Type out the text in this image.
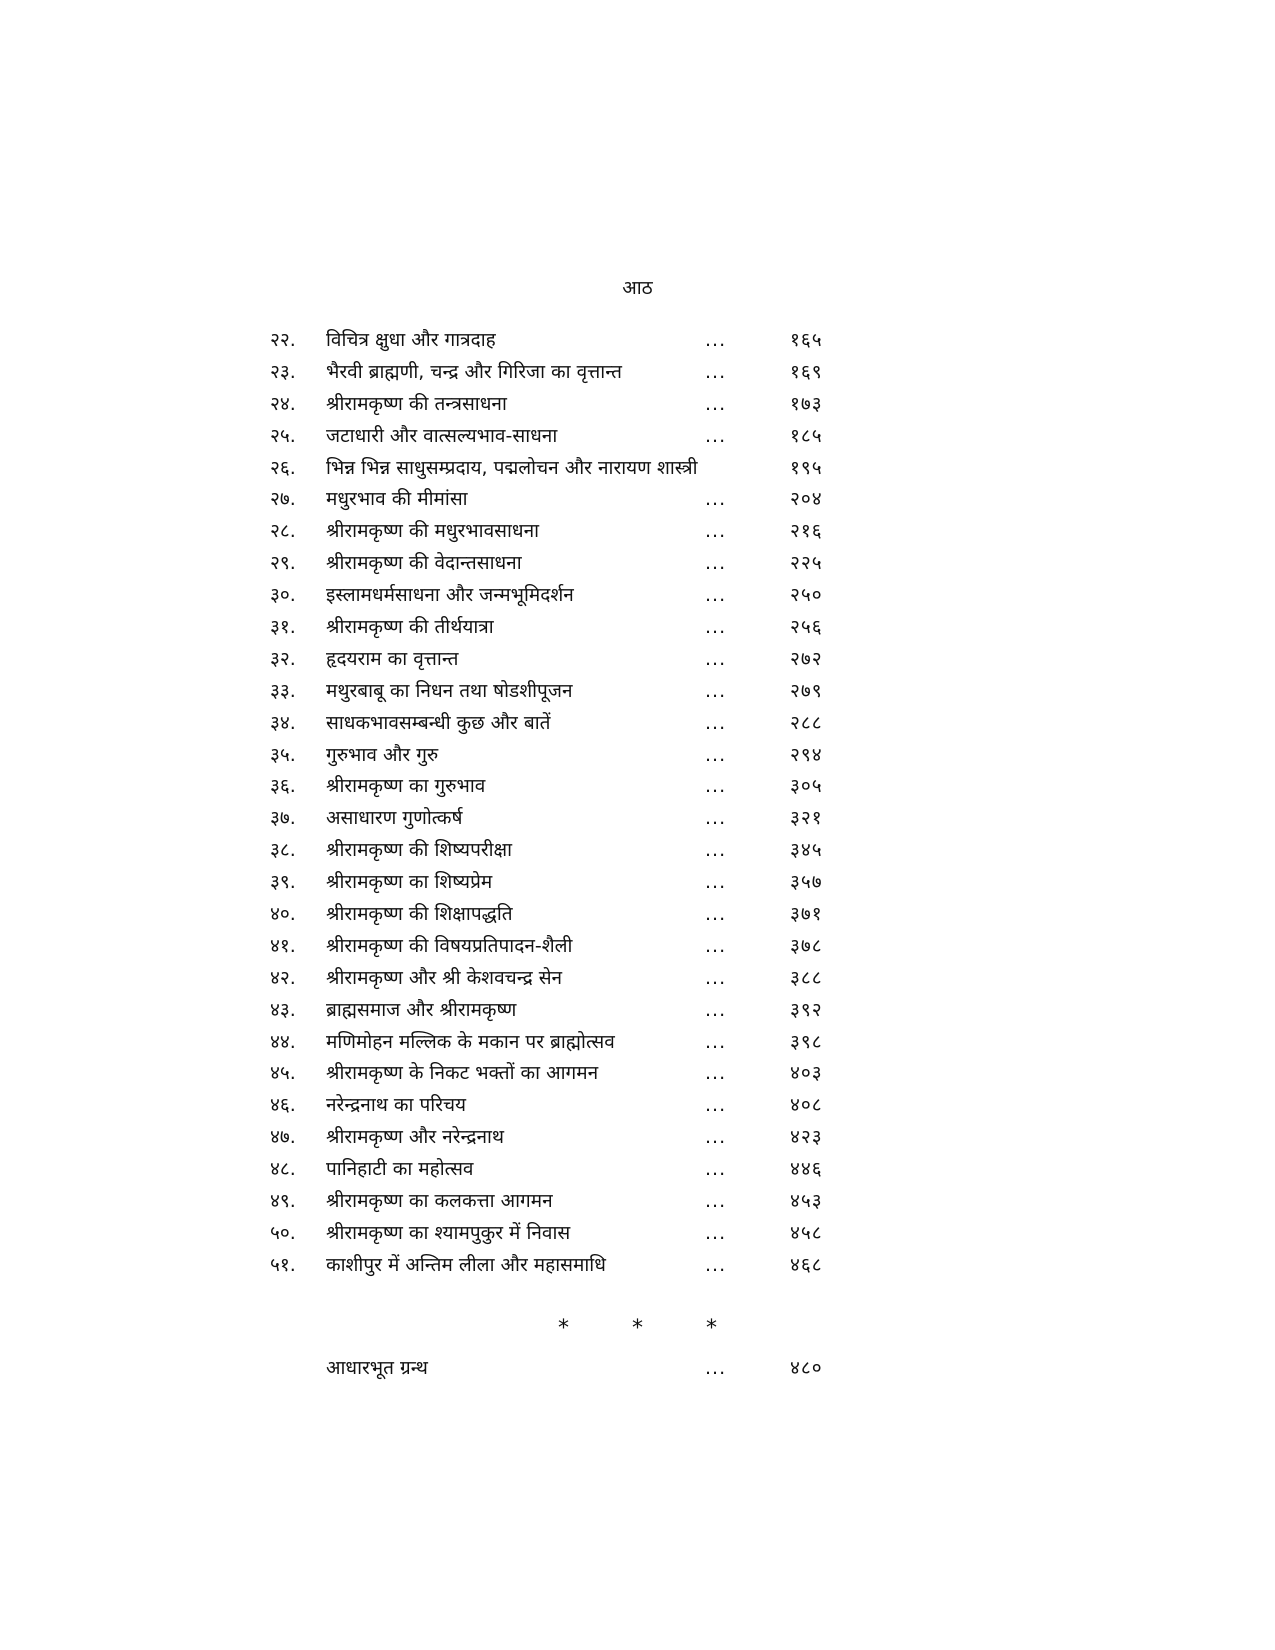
आठ
२२. विचित्र क्षुधा और गात्रदाह	...	१६५
२३. भैरवी ब्राह्मणी, चन्द्र और गिरिजा का वृत्तान्त	...	१६९
२४. श्रीरामकृष्ण की तन्त्रसाधना	...	१७३
२५. जटाधारी और वात्सल्यभाव-साधना	...	१८५
२६. भिन्न भिन्न साधुसम्प्रदाय, पद्मलोचन और नारायण शास्त्री	१९५
२७. मधुरभाव की मीमांसा	...	२०४
२८. श्रीरामकृष्ण की मधुरभावसाधना	...	२१६
२९. श्रीरामकृष्ण की वेदान्तसाधना	...	२२५
३०. इस्लामधर्मसाधना और जन्मभूमिदर्शन	...	२५०
३१. श्रीरामकृष्ण की तीर्थयात्रा	...	२५६
३२. हृदयराम का वृत्तान्त	...	२७२
३३. मथुरबाबू का निधन तथा षोडशीपूजन	...	२७९
३४. साधकभावसम्बन्धी कुछ और बातें	...	२८८
३५. गुरुभाव और गुरु	...	२९४
३६. श्रीरामकृष्ण का गुरुभाव	...	३०५
३७. असाधारण गुणोत्कर्ष	...	३२१
३८. श्रीरामकृष्ण की शिष्यपरीक्षा	...	३४५
३९. श्रीरामकृष्ण का शिष्यप्रेम	...	३५७
४०. श्रीरामकृष्ण की शिक्षापद्धति	...	३७१
४१. श्रीरामकृष्ण की विषयप्रतिपादन-शैली	...	३७८
४२. श्रीरामकृष्ण और श्री केशवचन्द्र सेन	...	३८८
४३. ब्राह्मसमाज और श्रीरामकृष्ण	...	३९२
४४. मणिमोहन मल्लिक के मकान पर ब्राह्मोत्सव	...	३९८
४५. श्रीरामकृष्ण के निकट भक्तों का आगमन	...	४०३
४६. नरेन्द्रनाथ का परिचय	...	४०८
४७. श्रीरामकृष्ण और नरेन्द्रनाथ	...	४२३
४८. पानिहाटी का महोत्सव	...	४४६
४९. श्रीरामकृष्ण का कलकत्ता आगमन	...	४५३
५०. श्रीरामकृष्ण का श्यामपुकुर में निवास	...	४५८
५१. काशीपुर में अन्तिम लीला और महासमाधि	...	४६८
*	*	*
आधारभूत ग्रन्थ	...	४८०
